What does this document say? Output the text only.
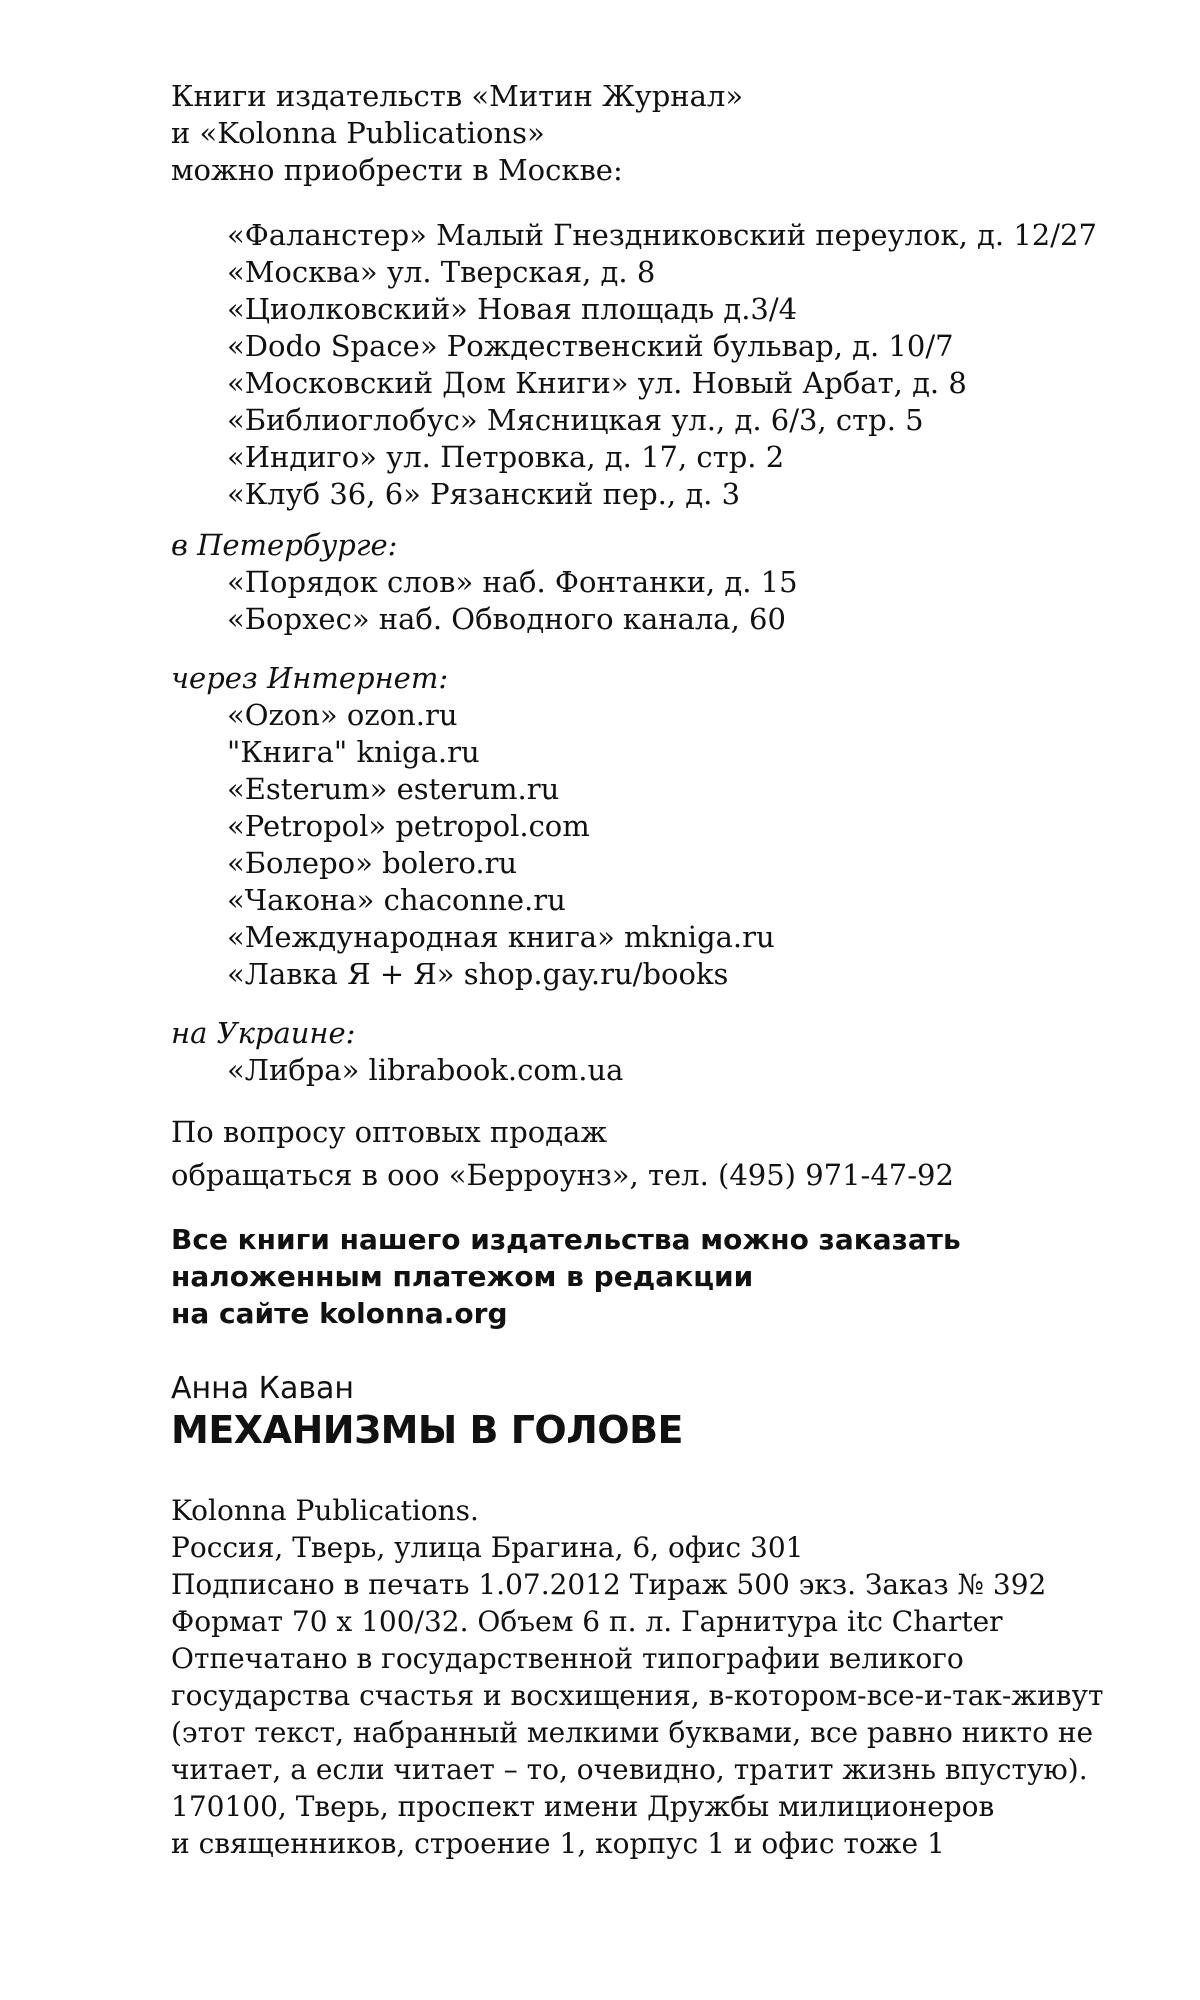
Книги издательств «Митин Журнал»
и «Kolonna Publications»
можно приобрести в Москве:
«Фаланстер» Малый Гнездниковский переулок, д. 12/27
«Москва» ул. Тверская, д. 8
«Циолковский» Новая площадь д.3/4
«Dodo Space» Рождественский бульвар, д. 10/7
«Московский Дом Книги» ул. Новый Арбат, д. 8
«Библиоглобус» Мясницкая ул., д. 6/3, стр. 5
«Индиго» ул. Петровка, д. 17, стр. 2
«Клуб 36, 6» Рязанский пер., д. 3
в Петербурге:
«Порядок слов» наб. Фонтанки, д. 15
«Борхес» наб. Обводного канала, 60
через Интернет:
«Ozon» ozon.ru
"Книга" kniga.ru
«Esterum» esterum.ru
«Petropol» petropol.com
«Болеро» bolero.ru
«Чакона» chaconne.ru
«Международная книга» mkniga.ru
«Лавка Я + Я» shop.gay.ru/books
на Украине:
«Либра» librabook.com.ua
По вопросу оптовых продаж
обращаться в ооо «Берроунз», тел. (495) 971-47-92
Все книги нашего издательства можно заказать
наложенным платежом в редакции
на сайте kolonna.org
Анна Каван
МЕХАНИЗМЫ В ГОЛОВЕ
Kolonna Publications.
Россия, Тверь, улица Брагина, 6, офис 301
Подписано в печать 1.07.2012 Тираж 500 экз. Заказ № 392
Формат 70 x 100/32. Объем 6 п. л. Гарнитура itc Charter
Отпечатано в государственной типографии великого
государства счастья и восхищения, в-котором-все-и-так-живут
(этот текст, набранный мелкими буквами, все равно никто не
читает, а если читает – то, очевидно, тратит жизнь впустую).
170100, Тверь, проспект имени Дружбы милиционеров
и священников, строение 1, корпус 1 и офис тоже 1
